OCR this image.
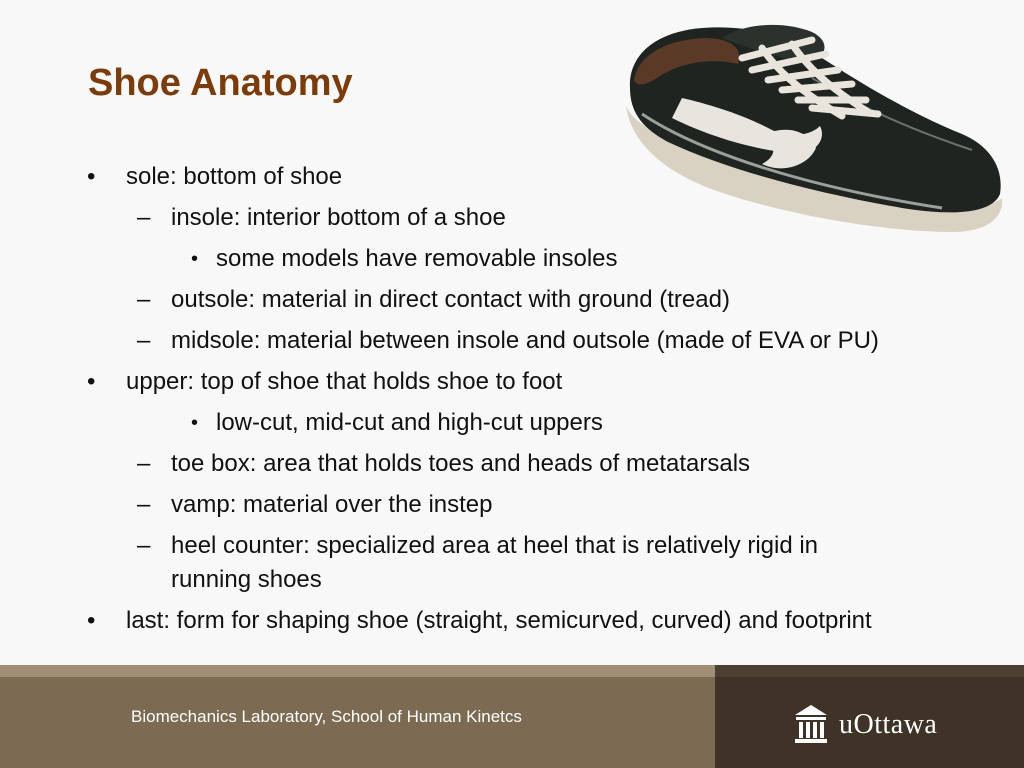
Shoe Anatomy
• sole: bottom of shoe
– insole: interior bottom of a shoe
• some models have removable insoles
– outsole: material in direct contact with ground (tread)
– midsole: material between insole and outsole (made of EVA or PU)
• upper: top of shoe that holds shoe to foot
• low-cut, mid-cut and high-cut uppers
– toe box: area that holds toes and heads of metatarsals
– vamp: material over the instep
– heel counter: specialized area at heel that is relatively rigid in
running shoes
• last: form for shaping shoe (straight, semicurved, curved) and footprint
Biomechanics Laboratory, School of Human Kinetcs	uOttawa
